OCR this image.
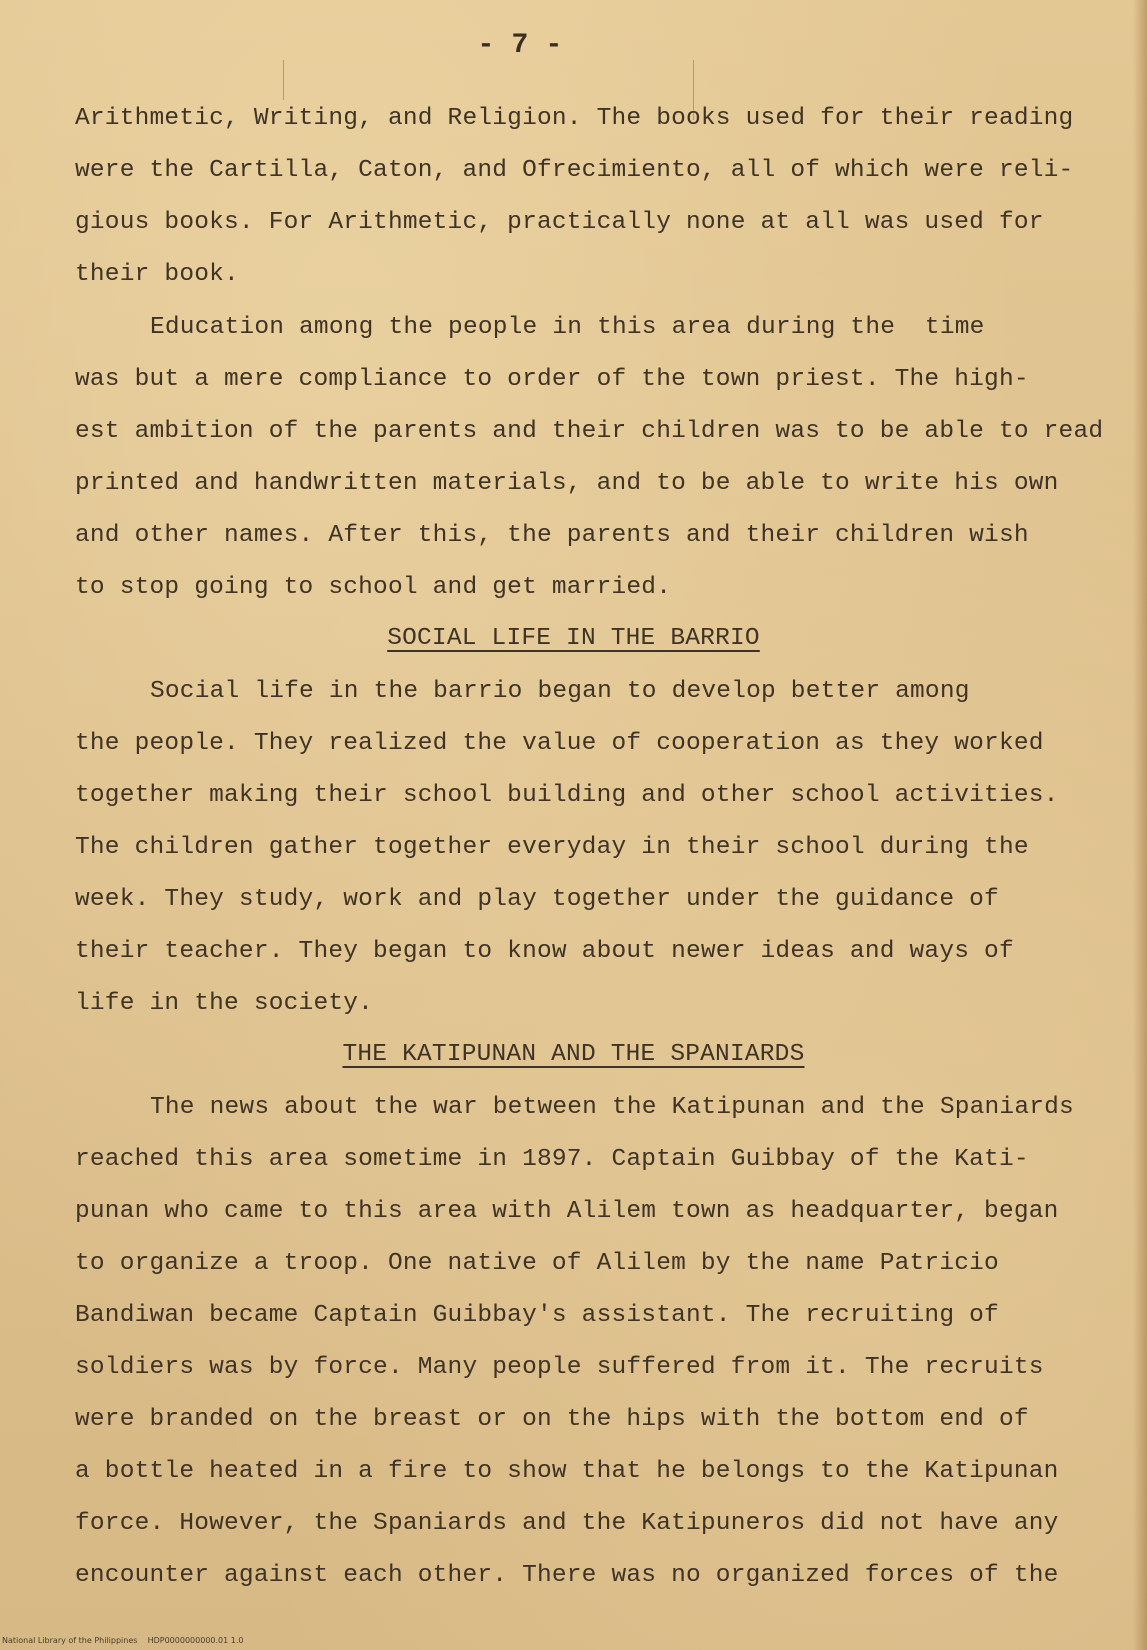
- 7 -
Arithmetic, Writing, and Religion. The books used for their reading
were the Cartilla, Caton, and Ofrecimiento, all of which were reli-
gious books. For Arithmetic, practically none at all was used for
their book.
Education among the people in this area during the  time
was but a mere compliance to order of the town priest. The high-
est ambition of the parents and their children was to be able to read
printed and handwritten materials, and to be able to write his own
and other names. After this, the parents and their children wish
to stop going to school and get married.
SOCIAL LIFE IN THE BARRIO
Social life in the barrio began to develop better among
the people. They realized the value of cooperation as they worked
together making their school building and other school activities.
The children gather together everyday in their school during the
week. They study, work and play together under the guidance of
their teacher. They began to know about newer ideas and ways of
life in the society.
THE KATIPUNAN AND THE SPANIARDS
The news about the war between the Katipunan and the Spaniards
reached this area sometime in 1897. Captain Guibbay of the Kati-
punan who came to this area with Alilem town as headquarter, began
to organize a troop. One native of Alilem by the name Patricio
Bandiwan became Captain Guibbay's assistant. The recruiting of
soldiers was by force. Many people suffered from it. The recruits
were branded on the breast or on the hips with the bottom end of
a bottle heated in a fire to show that he belongs to the Katipunan
force. However, the Spaniards and the Katipuneros did not have any
encounter against each other. There was no organized forces of the
National Library of the Philippines    HDP0000000000.01 1.0
